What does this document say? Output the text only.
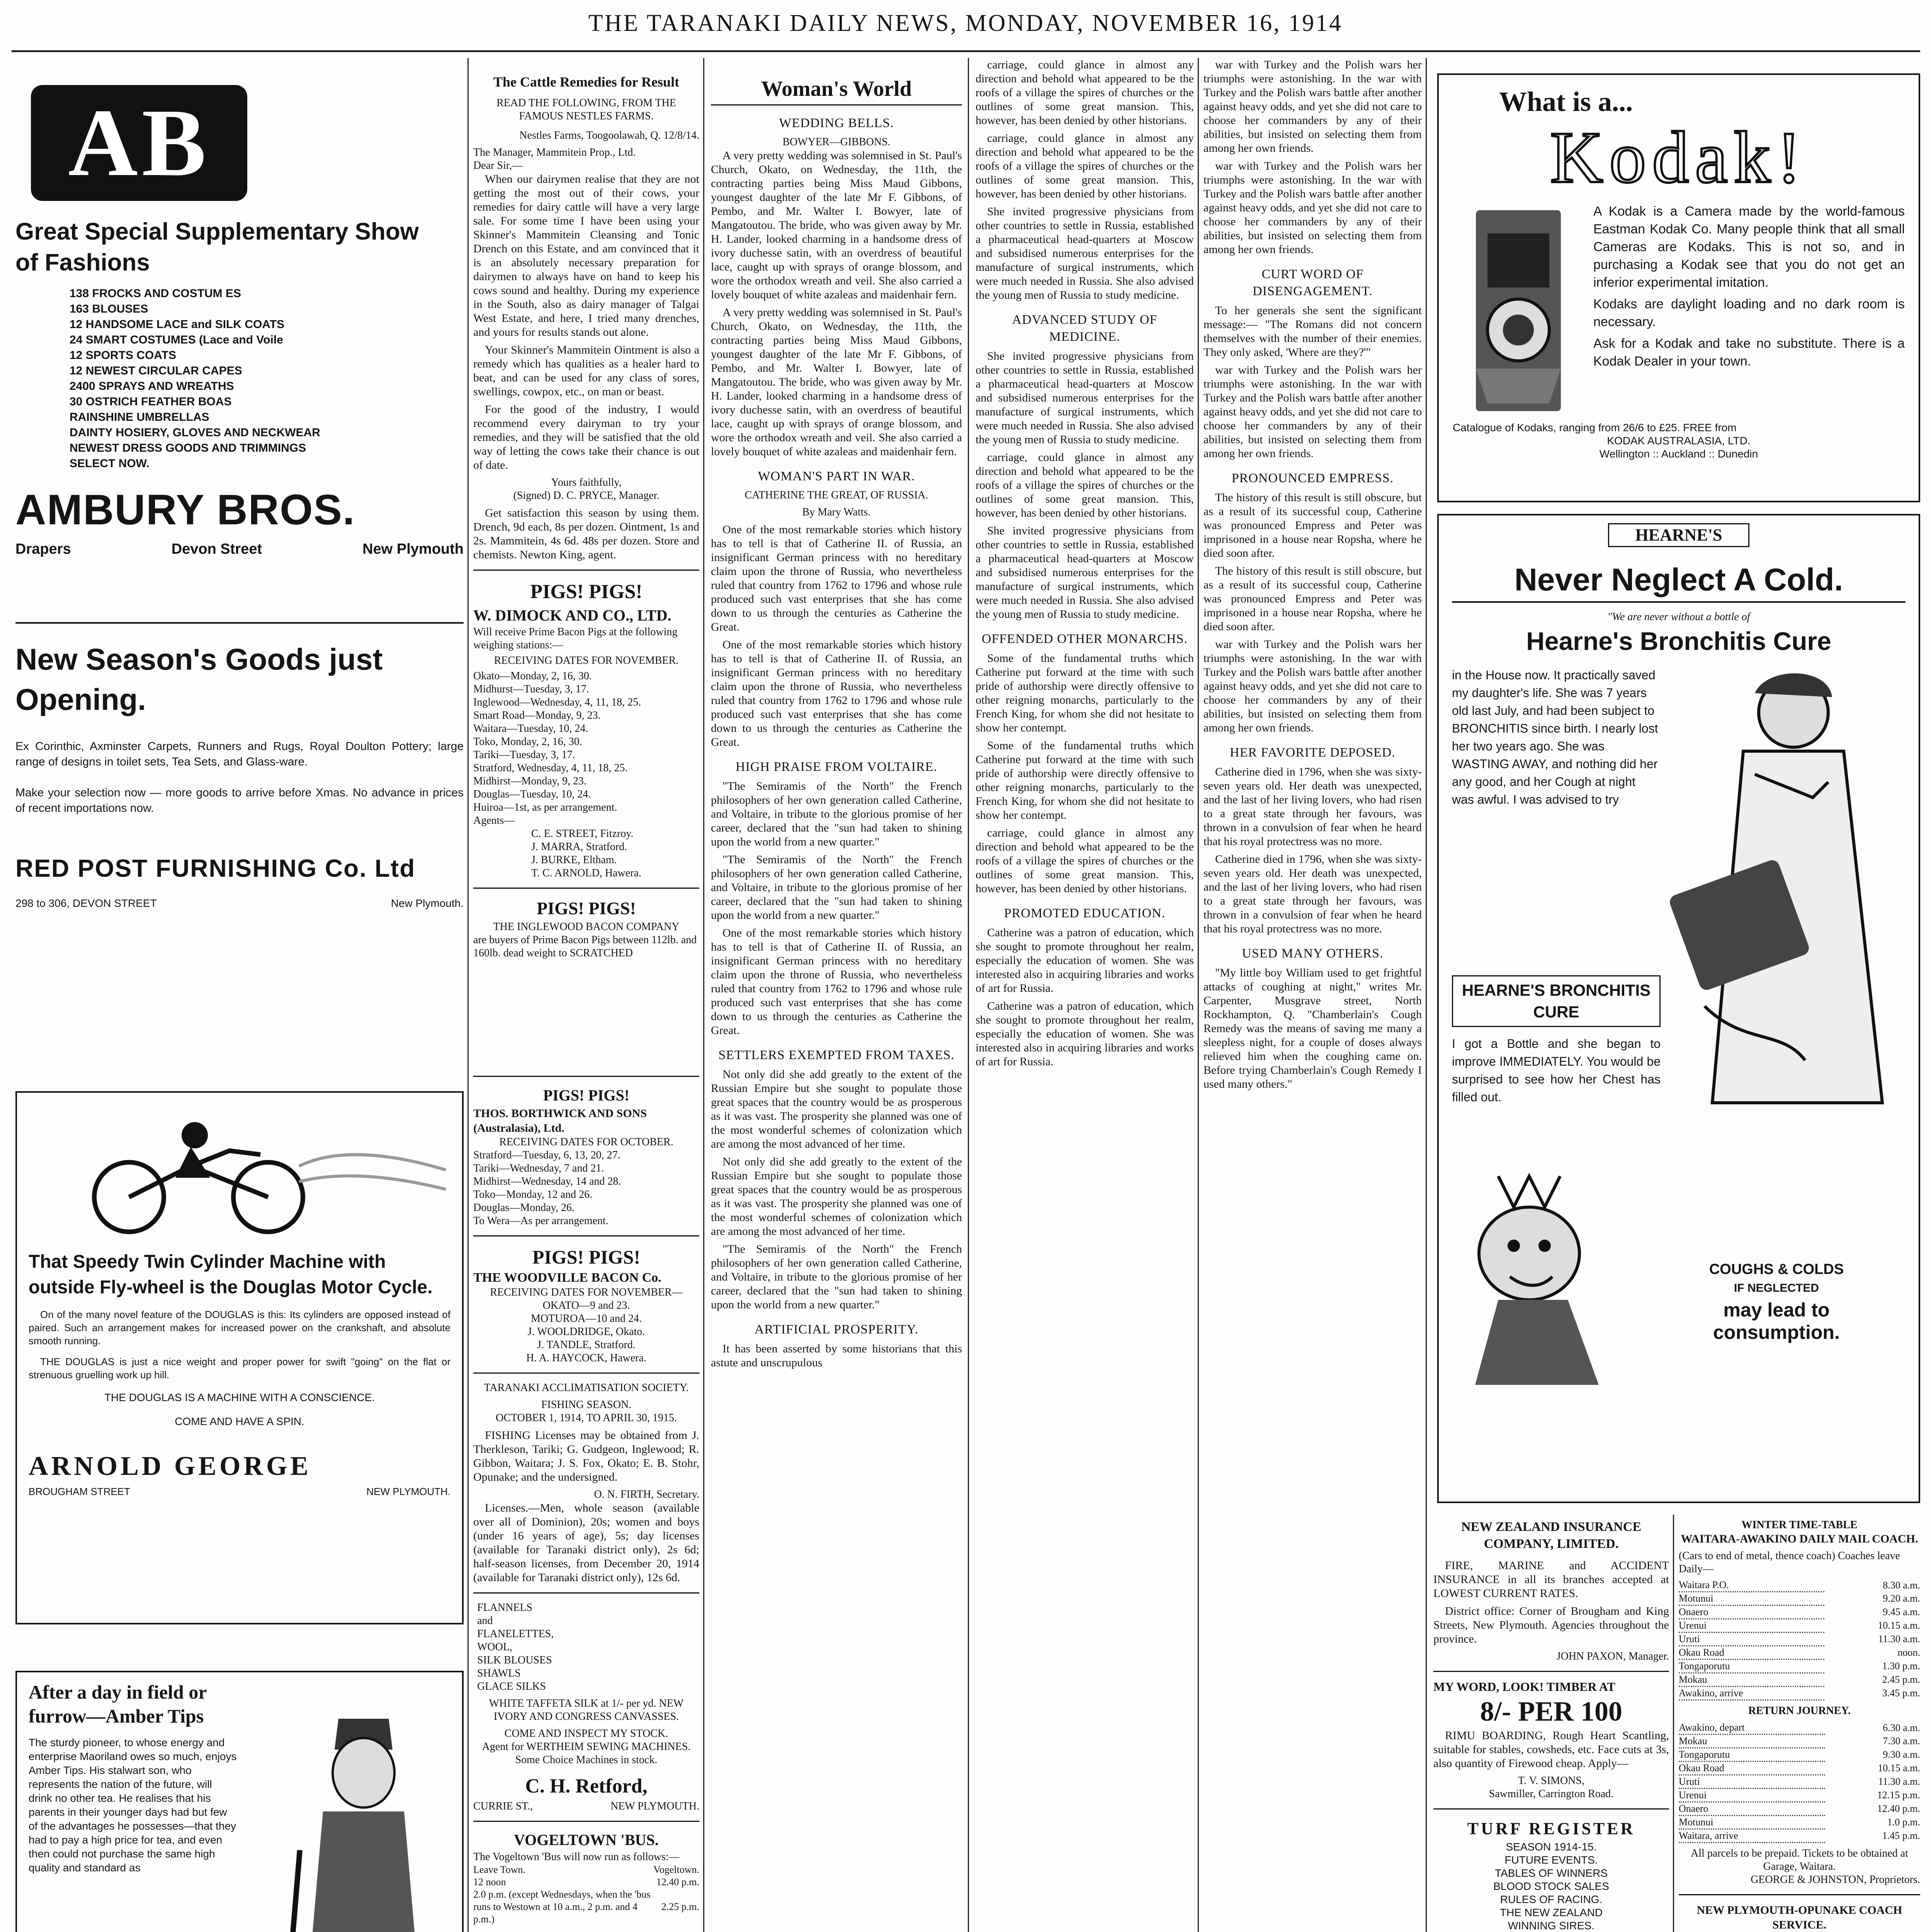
THE TARANAKI DAILY NEWS, MONDAY, NOVEMBER 16, 1914
AB
Great Special Supplementary Show
of Fashions
138 FROCKS AND COSTUM ES
163 BLOUSES
12 HANDSOME LACE and SILK COATS
24 SMART COSTUMES (Lace and Voile
12 SPORTS COATS
12 NEWEST CIRCULAR CAPES
2400 SPRAYS AND WREATHS
30 OSTRICH FEATHER BOAS
RAINSHINE UMBRELLAS
DAINTY HOSIERY, GLOVES AND NECKWEAR
NEWEST DRESS GOODS AND TRIMMINGS
SELECT NOW.
AMBURY BROS.
Drapers	Devon Street	New Plymouth
New Season's Goods just Opening.
Ex Corinthic, Axminster Carpets, Runners and Rugs, Royal Doulton Pottery; large range of designs in toilet sets, Tea Sets, and Glass-ware.
Make your selection now — more goods to arrive before Xmas. No advance in prices of recent importations now.
RED POST FURNISHING Co. Ltd
298 to 306, DEVON STREET	New Plymouth.
That Speedy Twin Cylinder Machine with outside Fly-wheel is the Douglas Motor Cycle.
On of the many novel feature of the DOUGLAS is this: Its cylinders are opposed instead of paired. Such an arrangement makes for increased power on the crankshaft, and absolute smooth running.
THE DOUGLAS is just a nice weight and proper power for swift "going" on the flat or strenuous gruelling work up hill.
THE DOUGLAS IS A MACHINE WITH A CONSCIENCE.
COME AND HAVE A SPIN.
ARNOLD GEORGE
BROUGHAM STREET	NEW PLYMOUTH.
After a day in field or furrow—Amber Tips
The sturdy pioneer, to whose energy and enterprise Maoriland owes so much, enjoys Amber Tips. His stalwart son, who represents the nation of the future, will drink no other tea. He realises that his parents in their younger days had but few of the advantages he possesses—that they had to pay a high price for tea, and even then could not purchase the same high quality and standard as
The Cattle Remedies for Result
READ THE FOLLOWING, FROM THE FAMOUS NESTLES FARMS.
Nestles Farms, Toogoolawah, Q. 12/8/14.
The Manager, Mammitein Prop., Ltd.
Dear Sir,—

When our dairymen realise that they are not getting the most out of their cows, your remedies for dairy cattle will have a very large sale. For some time I have been using your Skinner's Mammitein Cleansing and Tonic Drench on this Estate, and am convinced that it is an absolutely necessary preparation for dairymen to always have on hand to keep his cows sound and healthy. During my experience in the South, also as dairy manager of Talgai West Estate, and here, I tried many drenches, and yours for results stands out alone.

Your Skinner's Mammitein Ointment is also a remedy which has qualities as a healer hard to beat, and can be used for any class of sores, swellings, cowpox, etc., on man or beast.

For the good of the industry, I would recommend every dairyman to try your remedies, and they will be satisfied that the old way of letting the cows take their chance is out of date.

Yours faithfully,
(Signed) D. C. PRYCE, Manager.

Get satisfaction this season by using them. Drench, 9d each, 8s per dozen. Ointment, 1s and 2s. Mammitein, 4s 6d. 48s per dozen. Store and chemists. Newton King, agent.

PIGS! PIGS!
W. DIMOCK AND CO., LTD.
Will receive Prime Bacon Pigs at the following weighing stations:—
RECEIVING DATES FOR NOVEMBER.
Okato—Monday, 2, 16, 30.
Midhurst—Tuesday, 3, 17.
Inglewood—Wednesday, 4, 11, 18, 25.
Smart Road—Monday, 9, 23.
Waitara—Tuesday, 10, 24.
Toko, Monday, 2, 16, 30.
Tariki—Tuesday, 3, 17.
Stratford, Wednesday, 4, 11, 18, 25.
Midhirst—Monday, 9, 23.
Douglas—Tuesday, 10, 24.
Huiroa—1st, as per arrangement.
Agents—
C. E. STREET, Fitzroy.
J. MARRA, Stratford.
J. BURKE, Eltham.
T. C. ARNOLD, Hawera.
PIGS! PIGS!
THE INGLEWOOD BACON COMPANY
are buyers of Prime Bacon Pigs between 112lb. and 160lb. dead weight to SCRATCHED
PIGS! PIGS!
THOS. BORTHWICK AND SONS (Australasia), Ltd.
RECEIVING DATES FOR OCTOBER.
Stratford—Tuesday, 6, 13, 20, 27.
Tariki—Wednesday, 7 and 21.
Midhirst—Wednesday, 14 and 28.
Toko—Monday, 12 and 26.
Douglas—Monday, 26.
To Wera—As per arrangement.
PIGS! PIGS!
THE WOODVILLE BACON Co.
RECEIVING DATES FOR NOVEMBER—
OKATO—9 and 23.
MOTUROA—10 and 24.
J. WOOLDRIDGE, Okato.
J. TANDLE, Stratford.
H. A. HAYCOCK, Hawera.
TARANAKI ACCLIMATISATION SOCIETY.
FISHING SEASON.
OCTOBER 1, 1914, TO APRIL 30, 1915.

FISHING Licenses may be obtained from J. Therkleson, Tariki; G. Gudgeon, Inglewood; R. Gibbon, Waitara; J. S. Fox, Okato; E. B. Stohr, Opunake; and the undersigned.

O. N. FIRTH, Secretary.

Licenses.—Men, whole season (available over all of Dominion), 20s; women and boys (under 16 years of age), 5s; day licenses (available for Taranaki district only), 2s 6d; half-season licenses, from December 20, 1914 (available for Taranaki district only), 12s 6d.

FLANNELS
and
FLANELETTES,
WOOL,
SILK BLOUSES
SHAWLS
GLACE SILKS
WHITE TAFFETA SILK at 1/- per yd. NEW IVORY AND CONGRESS CANVASSES.
COME AND INSPECT MY STOCK.
Agent for WERTHEIM SEWING MACHINES. Some Choice Machines in stock.
C. H. Retford,
CURRIE ST.,	NEW PLYMOUTH.
VOGELTOWN 'BUS.
The Vogeltown 'Bus will now run as follows:—
Leave Town.	Vogeltown.
12 noon	12.40 p.m.
2.0 p.m. (except Wednesdays, when the 'bus runs to Westown at 10 a.m., 2 p.m. and 4 p.m.)	2.25 p.m.
Woman's World
WEDDING BELLS.
BOWYER—GIBBONS.

A very pretty wedding was solemnised in St. Paul's Church, Okato, on Wednesday, the 11th, the contracting parties being Miss Maud Gibbons, youngest daughter of the late Mr F. Gibbons, of Pembo, and Mr. Walter I. Bowyer, late of Mangatoutou. The bride, who was given away by Mr. H. Lander, looked charming in a handsome dress of ivory duchesse satin, with an overdress of beautiful lace, caught up with sprays of orange blossom, and wore the orthodox wreath and veil. She also carried a lovely bouquet of white azaleas and maidenhair fern.

A very pretty wedding was solemnised in St. Paul's Church, Okato, on Wednesday, the 11th, the contracting parties being Miss Maud Gibbons, youngest daughter of the late Mr F. Gibbons, of Pembo, and Mr. Walter I. Bowyer, late of Mangatoutou. The bride, who was given away by Mr. H. Lander, looked charming in a handsome dress of ivory duchesse satin, with an overdress of beautiful lace, caught up with sprays of orange blossom, and wore the orthodox wreath and veil. She also carried a lovely bouquet of white azaleas and maidenhair fern.

WOMAN'S PART IN WAR.
CATHERINE THE GREAT, OF RUSSIA.
By Mary Watts.

One of the most remarkable stories which history has to tell is that of Catherine II. of Russia, an insignificant German princess with no hereditary claim upon the throne of Russia, who nevertheless ruled that country from 1762 to 1796 and whose rule produced such vast enterprises that she has come down to us through the centuries as Catherine the Great.

One of the most remarkable stories which history has to tell is that of Catherine II. of Russia, an insignificant German princess with no hereditary claim upon the throne of Russia, who nevertheless ruled that country from 1762 to 1796 and whose rule produced such vast enterprises that she has come down to us through the centuries as Catherine the Great.

HIGH PRAISE FROM VOLTAIRE.

"The Semiramis of the North" the French philosophers of her own generation called Catherine, and Voltaire, in tribute to the glorious promise of her career, declared that the "sun had taken to shining upon the world from a new quarter."

"The Semiramis of the North" the French philosophers of her own generation called Catherine, and Voltaire, in tribute to the glorious promise of her career, declared that the "sun had taken to shining upon the world from a new quarter."

One of the most remarkable stories which history has to tell is that of Catherine II. of Russia, an insignificant German princess with no hereditary claim upon the throne of Russia, who nevertheless ruled that country from 1762 to 1796 and whose rule produced such vast enterprises that she has come down to us through the centuries as Catherine the Great.

SETTLERS EXEMPTED FROM TAXES.

Not only did she add greatly to the extent of the Russian Empire but she sought to populate those great spaces that the country would be as prosperous as it was vast. The prosperity she planned was one of the most wonderful schemes of colonization which are among the most advanced of her time.

Not only did she add greatly to the extent of the Russian Empire but she sought to populate those great spaces that the country would be as prosperous as it was vast. The prosperity she planned was one of the most wonderful schemes of colonization which are among the most advanced of her time.

"The Semiramis of the North" the French philosophers of her own generation called Catherine, and Voltaire, in tribute to the glorious promise of her career, declared that the "sun had taken to shining upon the world from a new quarter."

ARTIFICIAL PROSPERITY.

It has been asserted by some historians that this astute and unscrupulous

carriage, could glance in almost any direction and behold what appeared to be the roofs of a village the spires of churches or the outlines of some great mansion. This, however, has been denied by other historians.

carriage, could glance in almost any direction and behold what appeared to be the roofs of a village the spires of churches or the outlines of some great mansion. This, however, has been denied by other historians.

She invited progressive physicians from other countries to settle in Russia, established a pharmaceutical head-quarters at Moscow and subsidised numerous enterprises for the manufacture of surgical instruments, which were much needed in Russia. She also advised the young men of Russia to study medicine.

ADVANCED STUDY OF MEDICINE.

She invited progressive physicians from other countries to settle in Russia, established a pharmaceutical head-quarters at Moscow and subsidised numerous enterprises for the manufacture of surgical instruments, which were much needed in Russia. She also advised the young men of Russia to study medicine.

carriage, could glance in almost any direction and behold what appeared to be the roofs of a village the spires of churches or the outlines of some great mansion. This, however, has been denied by other historians.

She invited progressive physicians from other countries to settle in Russia, established a pharmaceutical head-quarters at Moscow and subsidised numerous enterprises for the manufacture of surgical instruments, which were much needed in Russia. She also advised the young men of Russia to study medicine.

OFFENDED OTHER MONARCHS.

Some of the fundamental truths which Catherine put forward at the time with such pride of authorship were directly offensive to other reigning monarchs, particularly to the French King, for whom she did not hesitate to show her contempt.

Some of the fundamental truths which Catherine put forward at the time with such pride of authorship were directly offensive to other reigning monarchs, particularly to the French King, for whom she did not hesitate to show her contempt.

carriage, could glance in almost any direction and behold what appeared to be the roofs of a village the spires of churches or the outlines of some great mansion. This, however, has been denied by other historians.

PROMOTED EDUCATION.

Catherine was a patron of education, which she sought to promote throughout her realm, especially the education of women. She was interested also in acquiring libraries and works of art for Russia.

Catherine was a patron of education, which she sought to promote throughout her realm, especially the education of women. She was interested also in acquiring libraries and works of art for Russia.

war with Turkey and the Polish wars her triumphs were astonishing. In the war with Turkey and the Polish wars battle after another against heavy odds, and yet she did not care to choose her commanders by any of their abilities, but insisted on selecting them from among her own friends.

war with Turkey and the Polish wars her triumphs were astonishing. In the war with Turkey and the Polish wars battle after another against heavy odds, and yet she did not care to choose her commanders by any of their abilities, but insisted on selecting them from among her own friends.

CURT WORD OF DISENGAGEMENT.

To her generals she sent the significant message:— "The Romans did not concern themselves with the number of their enemies. They only asked, 'Where are they?'"

war with Turkey and the Polish wars her triumphs were astonishing. In the war with Turkey and the Polish wars battle after another against heavy odds, and yet she did not care to choose her commanders by any of their abilities, but insisted on selecting them from among her own friends.

PRONOUNCED EMPRESS.

The history of this result is still obscure, but as a result of its successful coup, Catherine was pronounced Empress and Peter was imprisoned in a house near Ropsha, where he died soon after.

The history of this result is still obscure, but as a result of its successful coup, Catherine was pronounced Empress and Peter was imprisoned in a house near Ropsha, where he died soon after.

war with Turkey and the Polish wars her triumphs were astonishing. In the war with Turkey and the Polish wars battle after another against heavy odds, and yet she did not care to choose her commanders by any of their abilities, but insisted on selecting them from among her own friends.

HER FAVORITE DEPOSED.

Catherine died in 1796, when she was sixty-seven years old. Her death was unexpected, and the last of her living lovers, who had risen to a great state through her favours, was thrown in a convulsion of fear when he heard that his royal protectress was no more.

Catherine died in 1796, when she was sixty-seven years old. Her death was unexpected, and the last of her living lovers, who had risen to a great state through her favours, was thrown in a convulsion of fear when he heard that his royal protectress was no more.

USED MANY OTHERS.

"My little boy William used to get frightful attacks of coughing at night," writes Mr. Carpenter, Musgrave street, North Rockhampton, Q. "Chamberlain's Cough Remedy was the means of saving me many a sleepless night, for a couple of doses always relieved him when the coughing came on. Before trying Chamberlain's Cough Remedy I used many others."

What is a...
Kodak!

A Kodak is a Camera made by the world-famous Eastman Kodak Co. Many people think that all small Cameras are Kodaks. This is not so, and in purchasing a Kodak see that you do not get an inferior experimental imitation.

Kodaks are daylight loading and no dark room is necessary.

Ask for a Kodak and take no substitute. There is a Kodak Dealer in your town.

Catalogue of Kodaks, ranging from 26/6 to £25. FREE from
KODAK AUSTRALASIA, LTD.
Wellington :: Auckland :: Dunedin
HEARNE'S
Never Neglect A Cold.
"We are never without a bottle of
Hearne's Bronchitis Cure

in the House now. It practically saved my daughter's life. She was 7 years old last July, and had been subject to BRONCHITIS since birth. I nearly lost her two years ago. She was WASTING AWAY, and nothing did her any good, and her Cough at night was awful. I was advised to try

HEARNE'S BRONCHITIS CURE

I got a Bottle and she began to improve IMMEDIATELY. You would be surprised to see how her Chest has filled out.

COUGHS & COLDS
IF NEGLECTED
may lead to consumption.
NEW ZEALAND INSURANCE COMPANY, LIMITED.

FIRE, MARINE and ACCIDENT INSURANCE in all its branches accepted at LOWEST CURRENT RATES.

District office: Corner of Brougham and King Streets, New Plymouth. Agencies throughout the province.

JOHN PAXON, Manager.
MY WORD, LOOK! TIMBER AT
8/- PER 100

RIMU BOARDING, Rough Heart Scantling, suitable for stables, cowsheds, etc. Face cuts at 3s, also quantity of Firewood cheap. Apply—

T. V. SIMONS,
Sawmiller, Carrington Road.
TURF REGISTER
SEASON 1914-15.
FUTURE EVENTS.
TABLES OF WINNERS
BLOOD STOCK SALES
RULES OF RACING.
THE NEW ZEALAND
WINNING SIRES.

WINTER TIME-TABLE
WAITARA-AWAKINO DAILY MAIL COACH.
(Cars to end of metal, thence coach) Coaches leave Daily—
Waitara P.O.	8.30 a.m.
Motunui	9.20 a.m.
Onaero	9.45 a.m.
Urenui	10.15 a.m.
Uruti	11.30 a.m.
Okau Road	noon.
Tongaporutu	1.30 p.m.
Mokau	2.45 p.m.
Awakino, arrive	3.45 p.m.
RETURN JOURNEY.
Awakino, depart	6.30 a.m.
Mokau	7.30 a.m.
Tongaporutu	9.30 a.m.
Okau Road	10.15 a.m.
Uruti	11.30 a.m.
Urenui	12.15 p.m.
Onaero	12.40 p.m.
Motunui	1.0 p.m.
Waitara, arrive	1.45 p.m.
All parcels to be prepaid. Tickets to be obtained at Garage, Waitara.
GEORGE & JOHNSTON, Proprietors.
NEW PLYMOUTH-OPUNAKE COACH SERVICE.
